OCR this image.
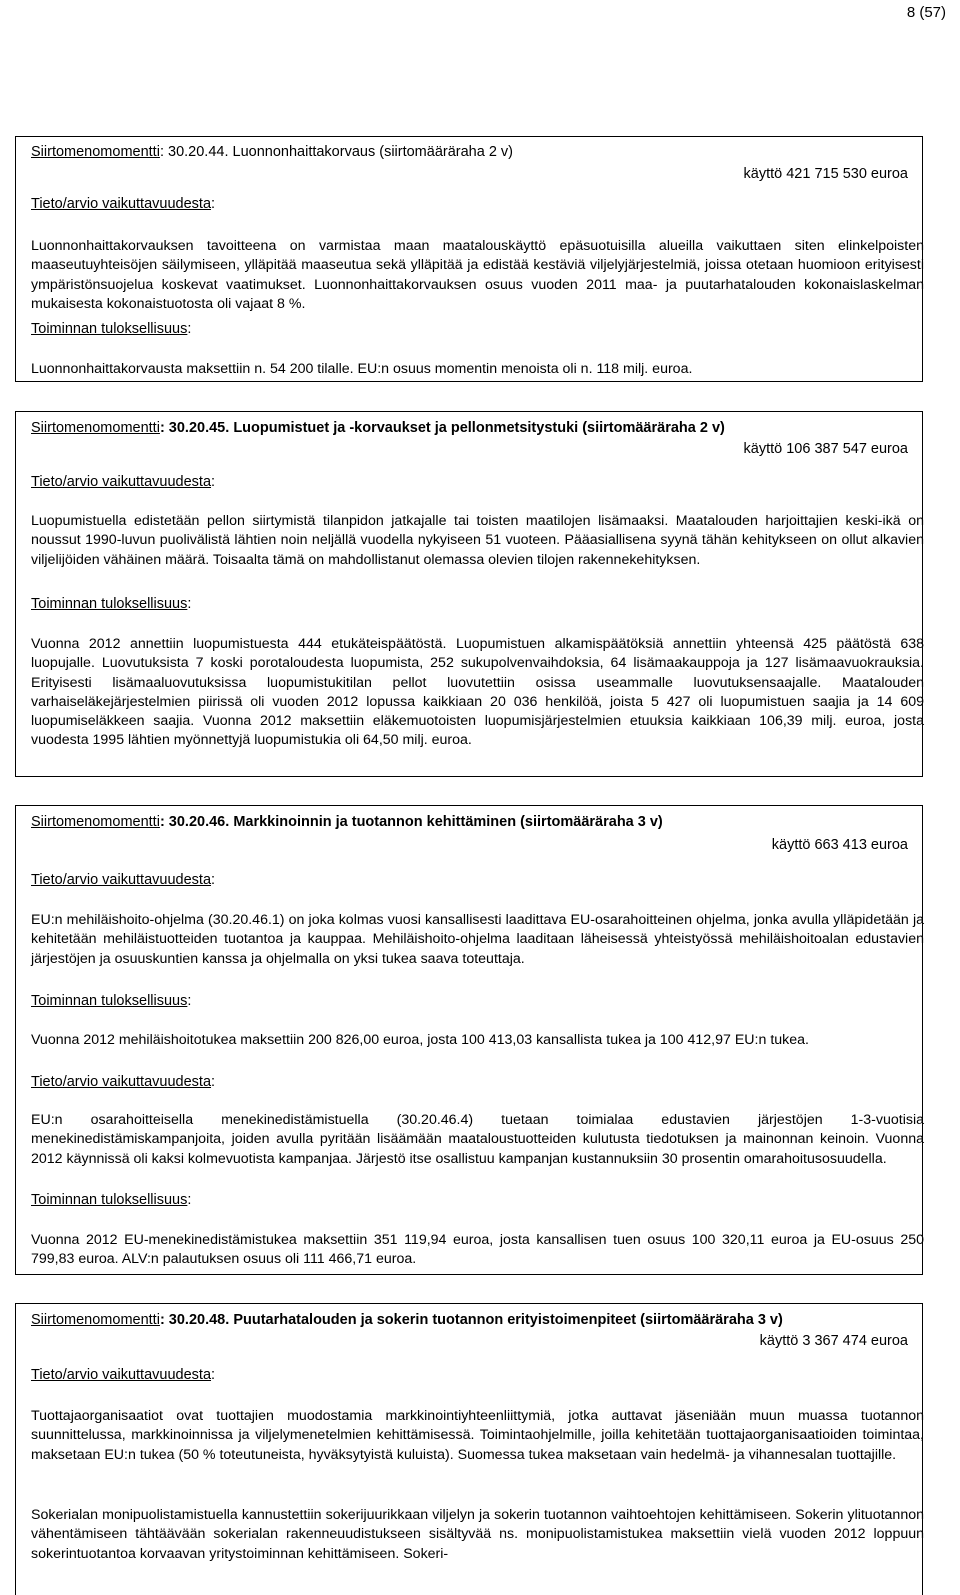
8 (57)
Siirtomenomomentti: 30.20.44. Luonnonhaittakorvaus (siirtomääräraha 2 v)
käyttö 421 715 530 euroa
Tieto/arvio vaikuttavuudesta:
Luonnonhaittakorvauksen tavoitteena on varmistaa maan maatalouskäyttö epäsuotuisilla alueilla vaikuttaen siten elinkelpoisten maaseutuyhteisöjen säilymiseen, ylläpitää maaseutua sekä ylläpitää ja edistää kestäviä viljelyjärjestelmiä, joissa otetaan huomioon erityisesti ympäristönsuojelua koskevat vaatimukset. Luonnonhaittakorvauksen osuus vuoden 2011 maa- ja puutarhatalouden kokonaislaskelman mukaisesta kokonaistuotosta oli vajaat 8 %.
Toiminnan tuloksellisuus:
Luonnonhaittakorvausta maksettiin n. 54 200 tilalle. EU:n osuus momentin menoista oli n. 118 milj. euroa.
Siirtomenomomentti: 30.20.45. Luopumistuet ja -korvaukset ja pellonmetsitystuki (siirtomääräraha 2 v)
käyttö 106 387 547 euroa
Tieto/arvio vaikuttavuudesta:
Luopumistuella edistetään pellon siirtymistä tilanpidon jatkajalle tai toisten maatilojen lisämaaksi. Maatalouden harjoittajien keski-ikä on noussut 1990-luvun puolivälistä lähtien noin neljällä vuodella nykyiseen 51 vuoteen. Pääasiallisena syynä tähän kehitykseen on ollut alkavien viljelijöiden vähäinen määrä. Toisaalta tämä on mahdollistanut olemassa olevien tilojen rakennekehityksen.
Toiminnan tuloksellisuus:
Vuonna 2012 annettiin luopumistuesta 444 etukäteispäätöstä. Luopumistuen alkamispäätöksiä annettiin yhteensä 425 päätöstä 638 luopujalle. Luovutuksista 7 koski porotaloudesta luopumista, 252 sukupolvenvaihdoksia, 64 lisämaakauppoja ja 127 lisämaavuokrauksia. Erityisesti lisämaaluovutuksissa luopumistukitilan pellot luovutettiin osissa useammalle luovutuksensaajalle. Maatalouden varhaiseläkejärjestelmien piirissä oli vuoden 2012 lopussa kaikkiaan 20 036 henkilöä, joista 5 427 oli luopumistuen saajia ja 14 609 luopumiseläkkeen saajia. Vuonna 2012 maksettiin eläkemuotoisten luopumisjärjestelmien etuuksia kaikkiaan 106,39 milj. euroa, josta vuodesta 1995 lähtien myönnettyjä luopumistukia oli 64,50 milj. euroa.
Siirtomenomomentti: 30.20.46. Markkinoinnin ja tuotannon kehittäminen (siirtomääräraha 3 v)
käyttö 663 413 euroa
Tieto/arvio vaikuttavuudesta:
EU:n mehiläishoito-ohjelma (30.20.46.1) on joka kolmas vuosi kansallisesti laadittava EU-osarahoitteinen ohjelma, jonka avulla ylläpidetään ja kehitetään mehiläistuotteiden tuotantoa ja kauppaa. Mehiläishoito-ohjelma laaditaan läheisessä yhteistyössä mehiläishoitoalan edustavien järjestöjen ja osuuskuntien kanssa ja ohjelmalla on yksi tukea saava toteuttaja.
Toiminnan tuloksellisuus:
Vuonna 2012 mehiläishoitotukea maksettiin 200 826,00 euroa, josta 100 413,03 kansallista tukea ja 100 412,97 EU:n tukea.
Tieto/arvio vaikuttavuudesta:
EU:n osarahoitteisella menekinedistämistuella (30.20.46.4) tuetaan toimialaa edustavien järjestöjen 1-3-vuotisia menekinedistämiskampanjoita, joiden avulla pyritään lisäämään maataloustuotteiden kulutusta tiedotuksen ja mainonnan keinoin. Vuonna 2012 käynnissä oli kaksi kolmevuotista kampanjaa. Järjestö itse osallistuu kampanjan kustannuksiin 30 prosentin omarahoitusosuudella.
Toiminnan tuloksellisuus:
Vuonna 2012 EU-menekinedistämistukea maksettiin 351 119,94 euroa, josta kansallisen tuen osuus 100 320,11 euroa ja EU-osuus 250 799,83 euroa. ALV:n palautuksen osuus oli 111 466,71 euroa.
Siirtomenomomentti: 30.20.48. Puutarhatalouden ja sokerin tuotannon erityistoimenpiteet (siirtomääräraha 3 v)
käyttö 3 367 474 euroa
Tieto/arvio vaikuttavuudesta:
Tuottajaorganisaatiot ovat tuottajien muodostamia markkinointiyhteenliittymiä, jotka auttavat jäseniään muun muassa tuotannon suunnittelussa, markkinoinnissa ja viljelymenetelmien kehittämisessä. Toimintaohjelmille, joilla kehitetään tuottajaorganisaatioiden toimintaa, maksetaan EU:n tukea (50 % toteutuneista, hyväksytyistä kuluista). Suomessa tukea maksetaan vain hedelmä- ja vihannesalan tuottajille.
Sokerialan monipuolistamistuella kannustettiin sokerijuurikkaan viljelyn ja sokerin tuotannon vaihtoehtojen kehittämiseen. Sokerin ylituotannon vähentämiseen tähtäävään sokerialan rakenneuudistukseen sisältyvää ns. monipuolistamistukea maksettiin vielä vuoden 2012 loppuun sokerintuotantoa korvaavan yritystoiminnan kehittämiseen. Sokeri-
